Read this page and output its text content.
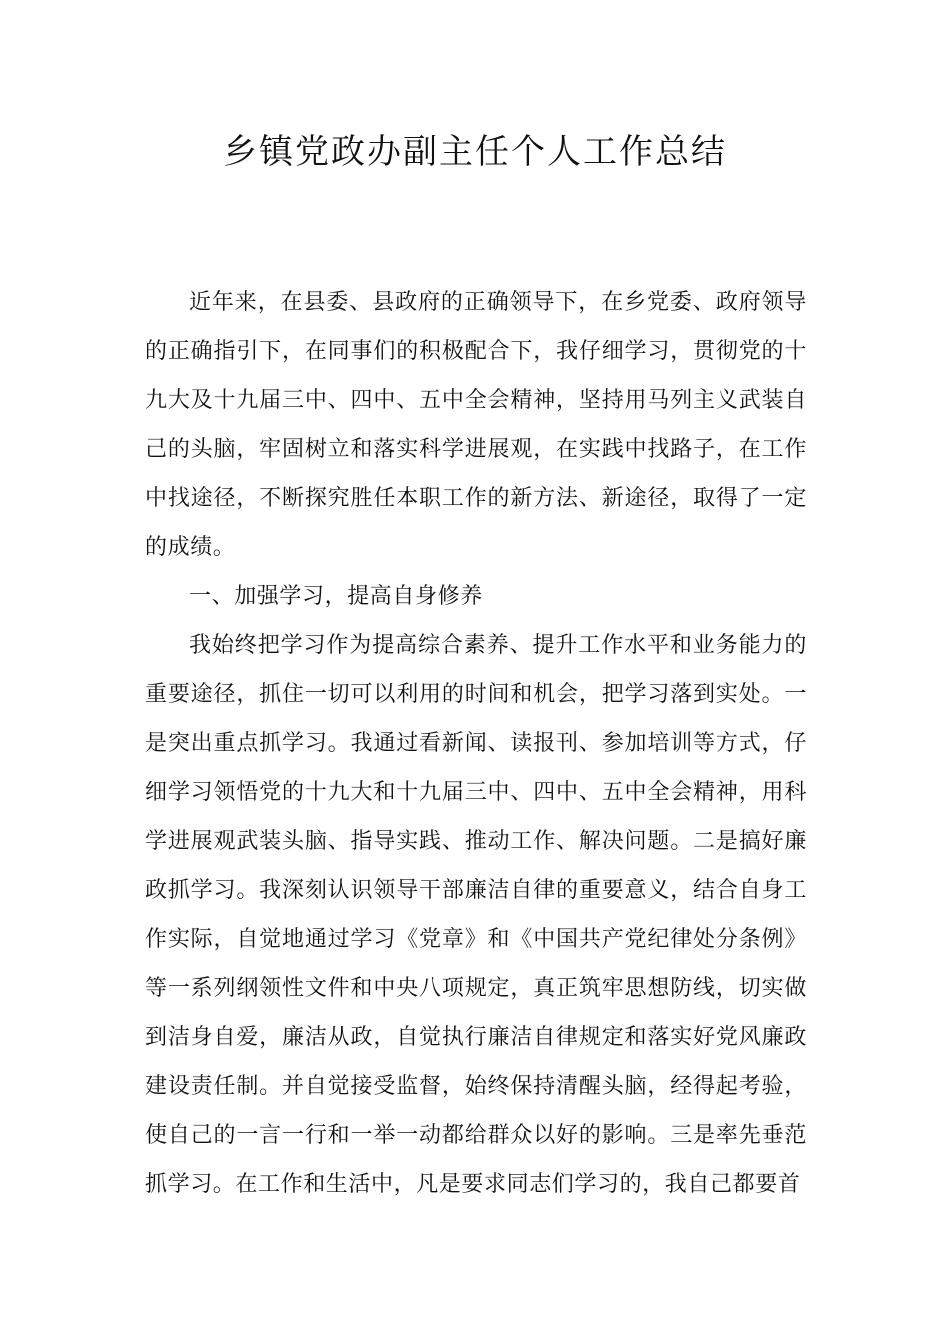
乡镇党政办副主任个人工作总结

近年来，在县委、县政府的正确领导下，在乡党委、政府领导的正确指引下，在同事们的积极配合下，我仔细学习，贯彻党的十九大及十九届三中、四中、五中全会精神，坚持用马列主义武装自己的头脑，牢固树立和落实科学进展观，在实践中找路子，在工作中找途径，不断探究胜任本职工作的新方法、新途径，取得了一定的成绩。

一、加强学习，提高自身修养

我始终把学习作为提高综合素养、提升工作水平和业务能力的重要途径，抓住一切可以利用的时间和机会，把学习落到实处。一是突出重点抓学习。我通过看新闻、读报刊、参加培训等方式，仔细学习领悟党的十九大和十九届三中、四中、五中全会精神，用科学进展观武装头脑、指导实践、推动工作、解决问题。二是搞好廉政抓学习。我深刻认识领导干部廉洁自律的重要意义，结合自身工作实际，自觉地通过学习《党章》和《中国共产党纪律处分条例》等一系列纲领性文件和中央八项规定，真正筑牢思想防线，切实做到洁身自爱，廉洁从政，自觉执行廉洁自律规定和落实好党风廉政建设责任制。并自觉接受监督，始终保持清醒头脑，经得起考验，使自己的一言一行和一举一动都给群众以好的影响。三是率先垂范抓学习。在工作和生活中，凡是要求同志们学习的，我自己都要首
